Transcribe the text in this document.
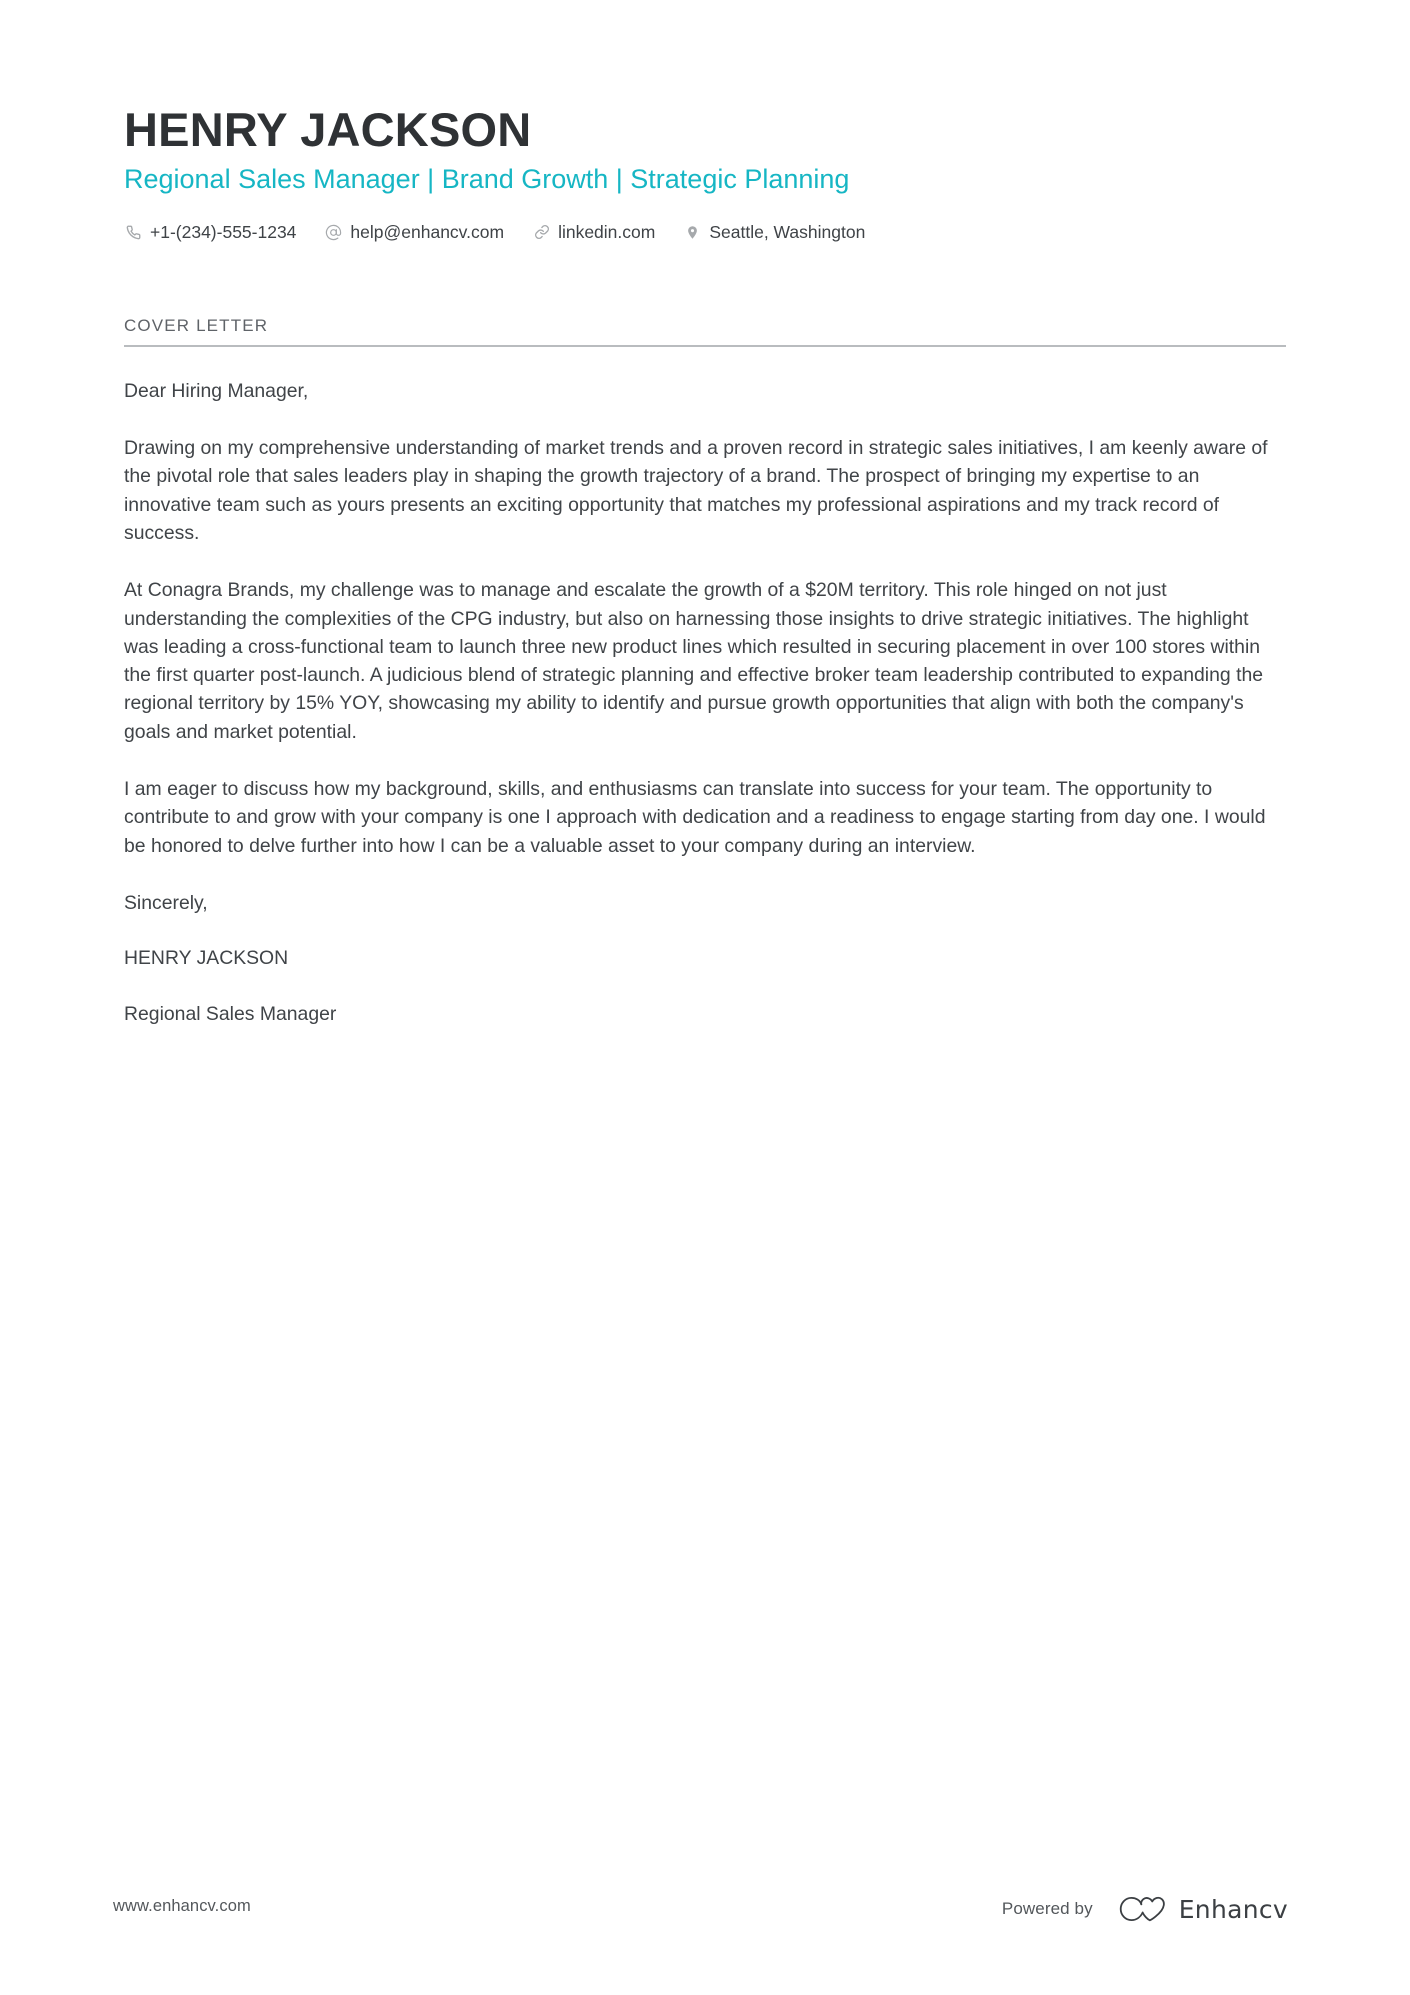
HENRY JACKSON
Regional Sales Manager | Brand Growth | Strategic Planning
+1-(234)-555-1234	help@enhancv.com	linkedin.com	Seattle, Washington
COVER LETTER

Dear Hiring Manager,

Drawing on my comprehensive understanding of market trends and a proven record in strategic sales initiatives, I am keenly aware of the pivotal role that sales leaders play in shaping the growth trajectory of a brand. The prospect of bringing my expertise to an innovative team such as yours presents an exciting opportunity that matches my professional aspirations and my track record of success.

At Conagra Brands, my challenge was to manage and escalate the growth of a $20M territory. This role hinged on not just understanding the complexities of the CPG industry, but also on harnessing those insights to drive strategic initiatives. The highlight was leading a cross-functional team to launch three new product lines which resulted in securing placement in over 100 stores within the first quarter post-launch. A judicious blend of strategic planning and effective broker team leadership contributed to expanding the regional territory by 15% YOY, showcasing my ability to identify and pursue growth opportunities that align with both the company's goals and market potential.

I am eager to discuss how my background, skills, and enthusiasms can translate into success for your team. The opportunity to contribute to and grow with your company is one I approach with dedication and a readiness to engage starting from day one. I would be honored to delve further into how I can be a valuable asset to your company during an interview.

Sincerely,

HENRY JACKSON

Regional Sales Manager

www.enhancv.com	Powered by	Enhancv
